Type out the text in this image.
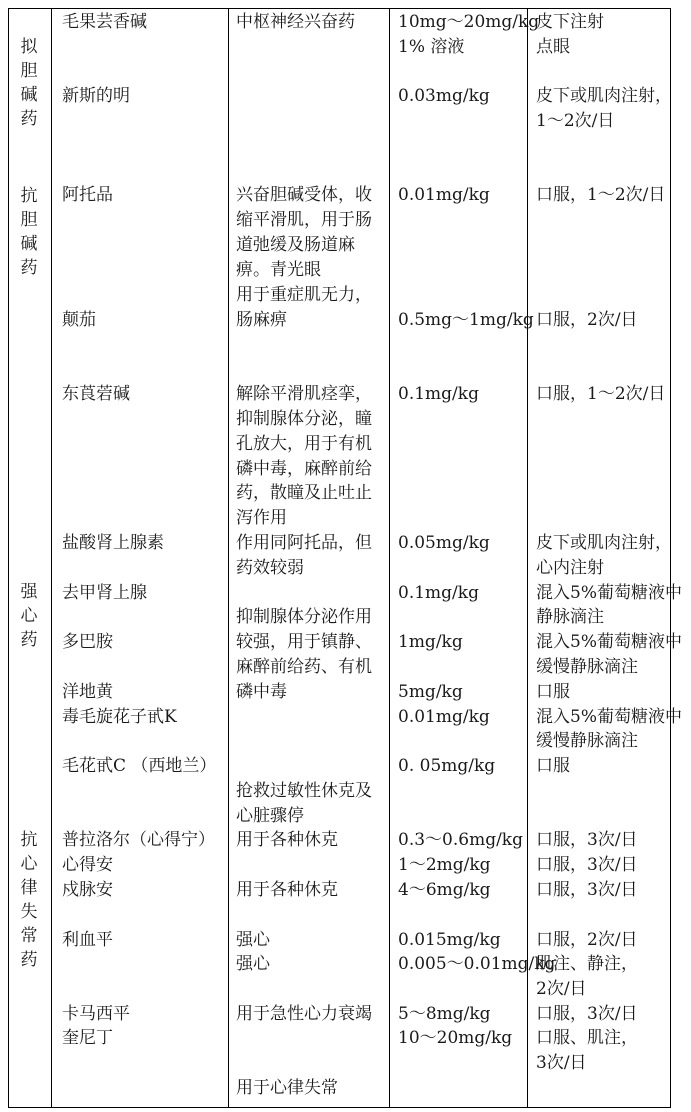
拟胆碱药
抗胆碱药
强心药
抗心律失常药
毛果芸香碱
新斯的明
阿托品
颠茄
东莨菪碱
盐酸肾上腺素
去甲肾上腺
多巴胺
洋地黄
毒毛旋花子甙K
毛花甙C （西地兰）
普拉洛尔（心得宁）
心得安
戍脉安
利血平
卡马西平
奎尼丁
中枢神经兴奋药
兴奋胆碱受体，收
缩平滑肌，用于肠
道弛缓及肠道麻
痹。青光眼
用于重症肌无力，
肠麻痹
解除平滑肌痉挛，
抑制腺体分泌，瞳
孔放大，用于有机
磷中毒，麻醉前给
药，散瞳及止吐止
泻作用
作用同阿托品，但
药效较弱
抑制腺体分泌作用
较强，用于镇静、
麻醉前给药、有机
磷中毒
抢救过敏性休克及
心脏骤停
用于各种休克
用于各种休克
强心
强心
用于急性心力衰竭
用于心律失常
10mg～20mg/kg
1% 溶液
0.03mg/kg
0.01mg/kg
0.5mg～1mg/kg
0.1mg/kg
0.05mg/kg
0.1mg/kg
1mg/kg
5mg/kg
0.01mg/kg
0. 05mg/kg
0.3～0.6mg/kg
1～2mg/kg
4～6mg/kg
0.015mg/kg
0.005～0.01mg/kg
5～8mg/kg
10～20mg/kg
皮下注射
点眼
皮下或肌肉注射，
1～2次/日
口服，1～2次/日
口服，2次/日
口服，1～2次/日
皮下或肌肉注射，
心内注射
混入5%葡萄糖液中
静脉滴注
混入5%葡萄糖液中
缓慢静脉滴注
口服
混入5%葡萄糖液中
缓慢静脉滴注
口服
口服，3次/日
口服，3次/日
口服，3次/日
口服，2次/日
肌注、静注，
2次/日
口服，3次/日
口服、肌注，
3次/日
